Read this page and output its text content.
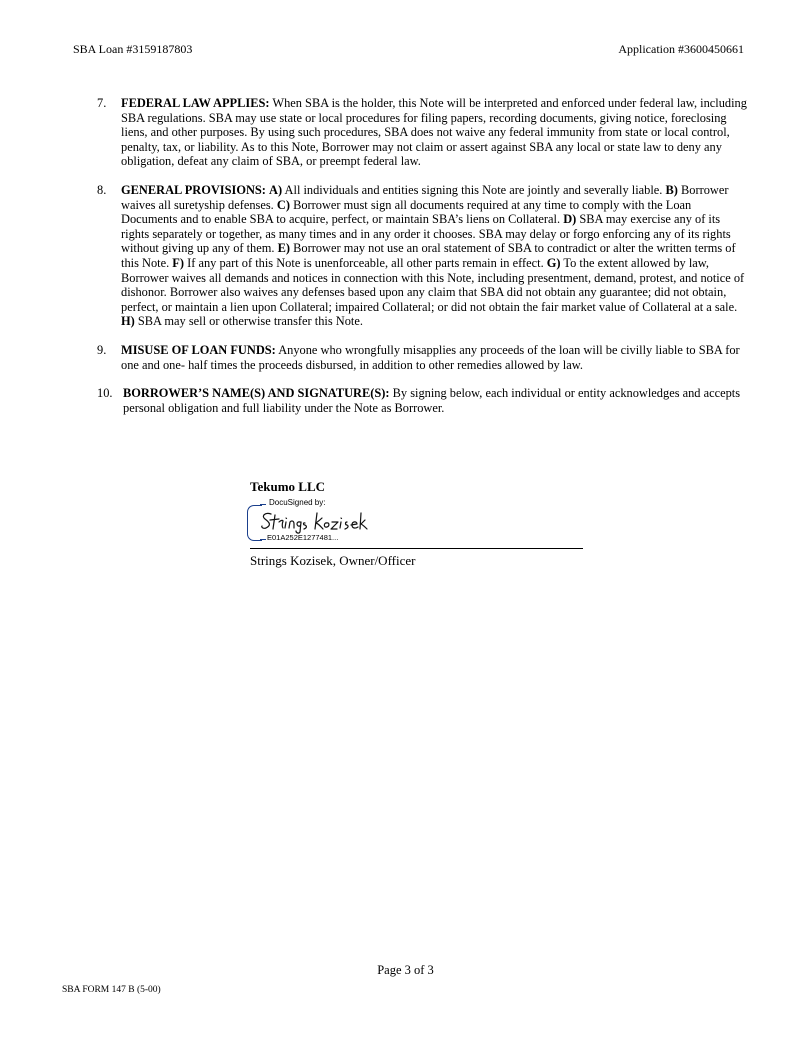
SBA Loan #3159187803	Application #3600450661
7. FEDERAL LAW APPLIES: When SBA is the holder, this Note will be interpreted and enforced under federal law, including SBA regulations. SBA may use state or local procedures for filing papers, recording documents, giving notice, foreclosing liens, and other purposes. By using such procedures, SBA does not waive any federal immunity from state or local control, penalty, tax, or liability. As to this Note, Borrower may not claim or assert against SBA any local or state law to deny any obligation, defeat any claim of SBA, or preempt federal law.

8. GENERAL PROVISIONS: A) All individuals and entities signing this Note are jointly and severally liable. B) Borrower waives all suretyship defenses. C) Borrower must sign all documents required at any time to comply with the Loan Documents and to enable SBA to acquire, perfect, or maintain SBA’s liens on Collateral. D) SBA may exercise any of its rights separately or together, as many times and in any order it chooses. SBA may delay or forgo enforcing any of its rights without giving up any of them. E) Borrower may not use an oral statement of SBA to contradict or alter the written terms of this Note. F) If any part of this Note is unenforceable, all other parts remain in effect. G) To the extent allowed by law, Borrower waives all demands and notices in connection with this Note, including presentment, demand, protest, and notice of dishonor. Borrower also waives any defenses based upon any claim that SBA did not obtain any guarantee; did not obtain, perfect, or maintain a lien upon Collateral; impaired Collateral; or did not obtain the fair market value of Collateral at a sale. H) SBA may sell or otherwise transfer this Note.

9. MISUSE OF LOAN FUNDS: Anyone who wrongfully misapplies any proceeds of the loan will be civilly liable to SBA for one and one- half times the proceeds disbursed, in addition to other remedies allowed by law.

10. BORROWER’S NAME(S) AND SIGNATURE(S): By signing below, each individual or entity acknowledges and accepts personal obligation and full liability under the Note as Borrower.

Tekumo LLC
DocuSigned by:
E01A252E1277481...
Strings Kozisek, Owner/Officer
Page 3 of 3
SBA FORM 147 B (5-00)
